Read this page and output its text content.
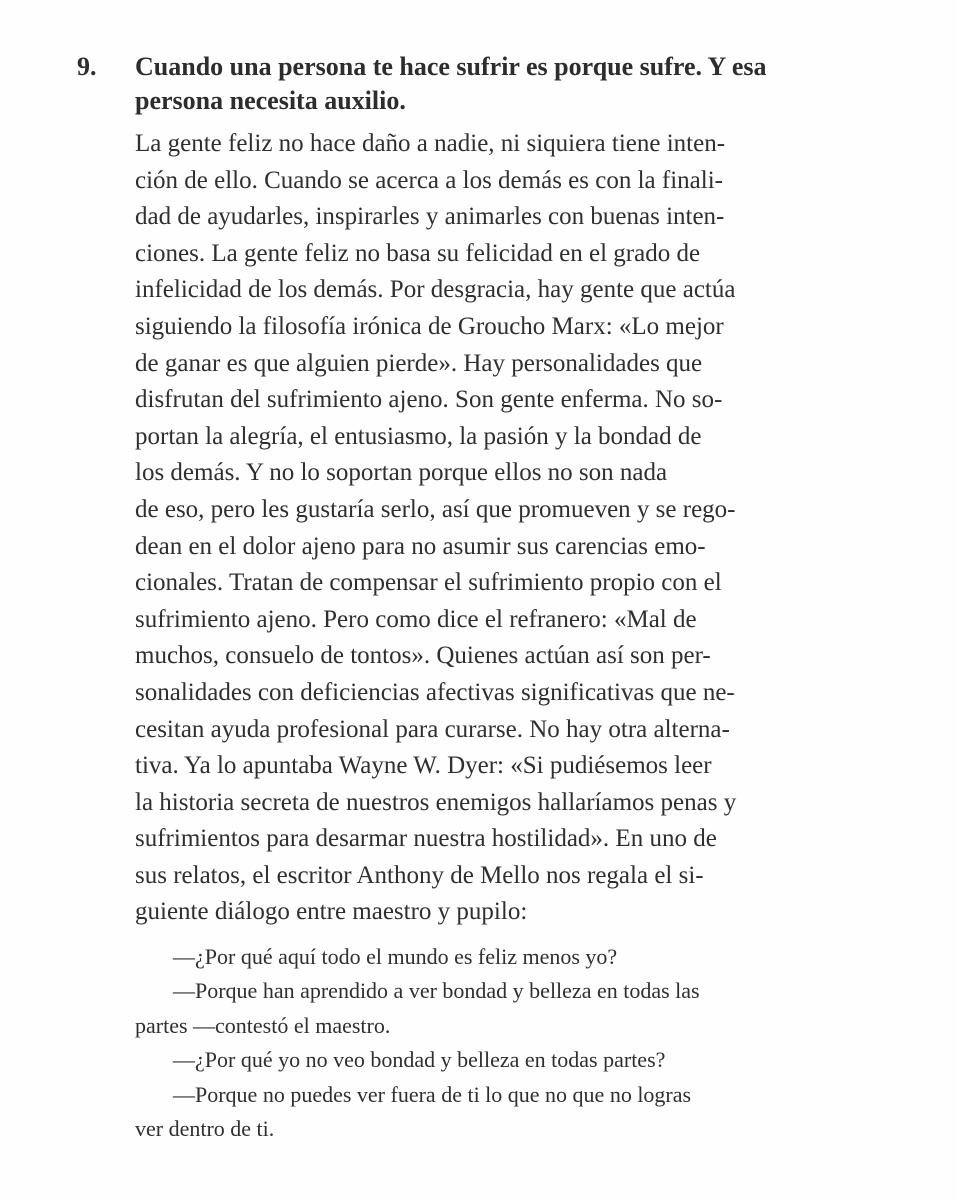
9. Cuando una persona te hace sufrir es porque sufre. Y esa
persona necesita auxilio.

La gente feliz no hace daño a nadie, ni siquiera tiene inten-
ción de ello. Cuando se acerca a los demás es con la finali-
dad de ayudarles, inspirarles y animarles con buenas inten-
ciones. La gente feliz no basa su felicidad en el grado de
infelicidad de los demás. Por desgracia, hay gente que actúa
siguiendo la filosofía irónica de Groucho Marx: «Lo mejor
de ganar es que alguien pierde». Hay personalidades que
disfrutan del sufrimiento ajeno. Son gente enferma. No so-
portan la alegría, el entusiasmo, la pasión y la bondad de
los demás. Y no lo soportan porque ellos no son nada
de eso, pero les gustaría serlo, así que promueven y se rego-
dean en el dolor ajeno para no asumir sus carencias emo-
cionales. Tratan de compensar el sufrimiento propio con el
sufrimiento ajeno. Pero como dice el refranero: «Mal de
muchos, consuelo de tontos». Quienes actúan así son per-
sonalidades con deficiencias afectivas significativas que ne-
cesitan ayuda profesional para curarse. No hay otra alterna-
tiva. Ya lo apuntaba Wayne W. Dyer: «Si pudiésemos leer
la historia secreta de nuestros enemigos hallaríamos penas y
sufrimientos para desarmar nuestra hostilidad». En uno de
sus relatos, el escritor Anthony de Mello nos regala el si-
guiente diálogo entre maestro y pupilo:

—¿Por qué aquí todo el mundo es feliz menos yo?
—Porque han aprendido a ver bondad y belleza en todas las
partes —contestó el maestro.
—¿Por qué yo no veo bondad y belleza en todas partes?
—Porque no puedes ver fuera de ti lo que no que no logras
ver dentro de ti.
